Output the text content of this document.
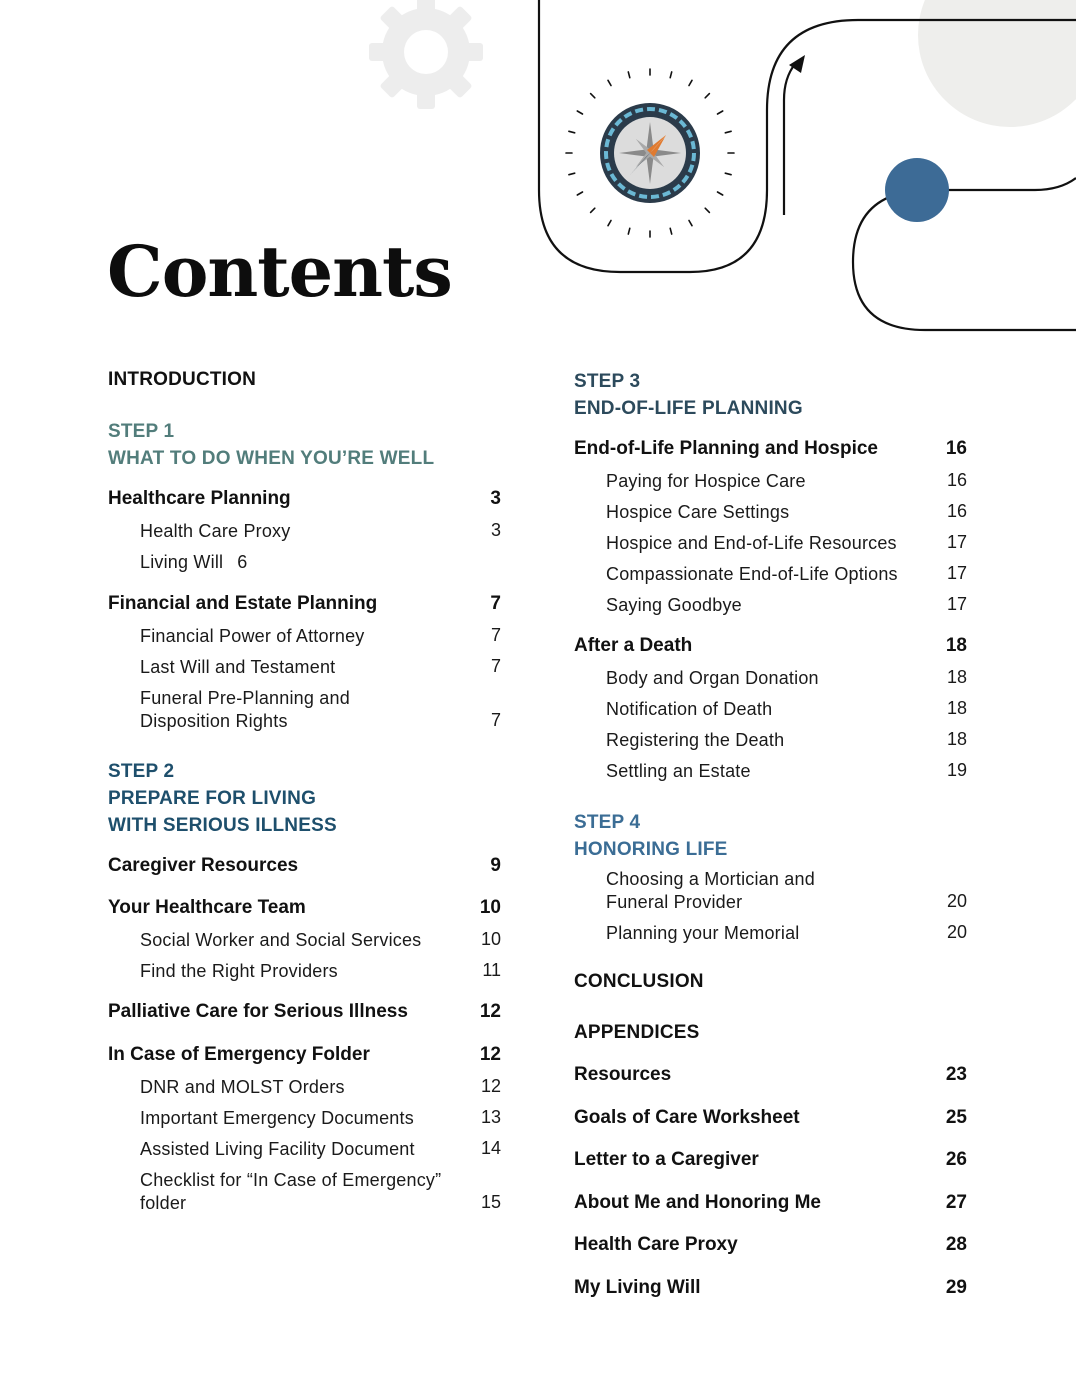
Contents
INTRODUCTION
STEP 1
WHAT TO DO WHEN YOU’RE WELL
Healthcare Planning	3
Health Care Proxy	3
Living Will 6
Financial and Estate Planning	7
Financial Power of Attorney	7
Last Will and Testament	7
Funeral Pre-Planning and
Disposition Rights	7
STEP 2
PREPARE FOR LIVING
WITH SERIOUS ILLNESS
Caregiver Resources	9
Your Healthcare Team	10
Social Worker and Social Services	10
Find the Right Providers	11
Palliative Care for Serious Illness	12
In Case of Emergency Folder	12
DNR and MOLST Orders	12
Important Emergency Documents	13
Assisted Living Facility Document	14
Checklist for “In Case of Emergency”
folder	15
STEP 3
END-OF-LIFE PLANNING
End-of-Life Planning and Hospice	16
Paying for Hospice Care	16
Hospice Care Settings	16
Hospice and End-of-Life Resources	17
Compassionate End-of-Life Options	17
Saying Goodbye	17
After a Death	18
Body and Organ Donation	18
Notification of Death	18
Registering the Death	18
Settling an Estate	19
STEP 4
HONORING LIFE
Choosing a Mortician and
Funeral Provider	20
Planning your Memorial	20
CONCLUSION
APPENDICES
Resources	23
Goals of Care Worksheet	25
Letter to a Caregiver	26
About Me and Honoring Me	27
Health Care Proxy	28
My Living Will	29
